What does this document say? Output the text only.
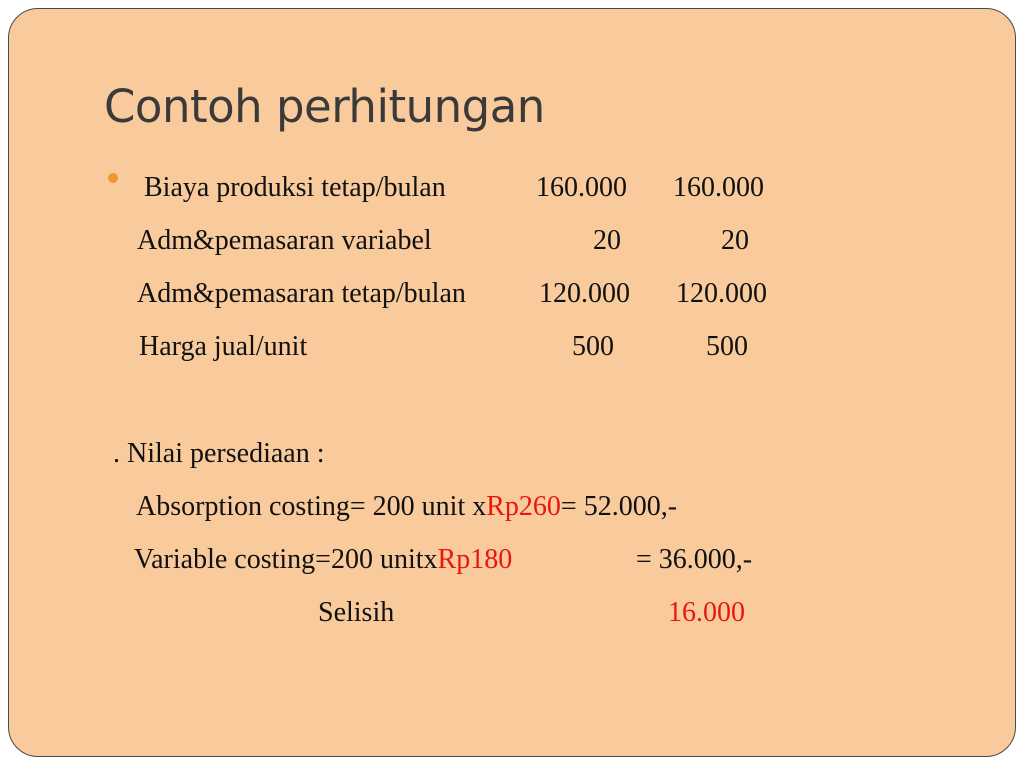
Contoh perhitungan
Biaya produksi tetap/bulan	160.000 160.000
Adm&pemasaran variabel	20	20
Adm&pemasaran tetap/bulan	120.000 120.000
Harga jual/unit	500	500
. Nilai persediaan :
Absorption costing= 200 unit xRp260= 52.000,-
Variable costing=200 unitxRp180	= 36.000,-
Selisih	16.000
